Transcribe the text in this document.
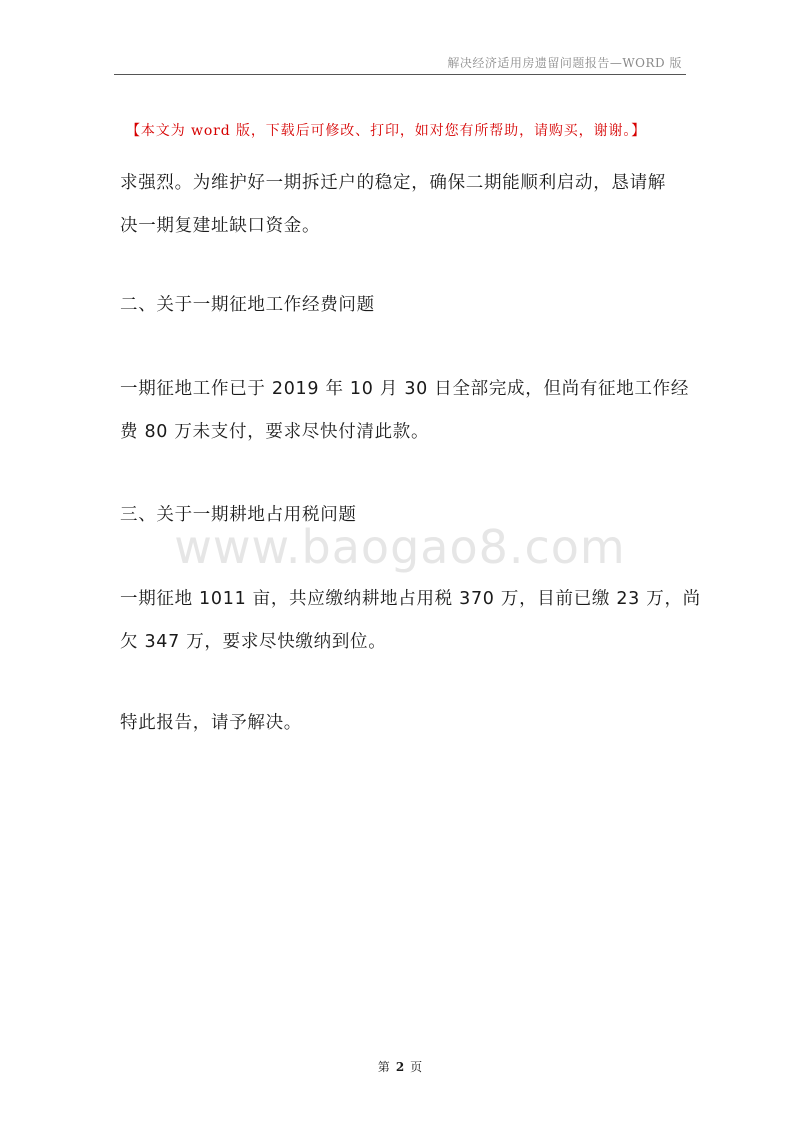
解决经济适用房遗留问题报告—WORD 版
【本文为 word 版，下载后可修改、打印，如对您有所帮助，请购买，谢谢。】
www.baogao8.com
求强烈。为维护好一期拆迁户的稳定，确保二期能顺利启动，恳请解
决一期复建址缺口资金。
二、关于一期征地工作经费问题
一期征地工作已于 2019 年 10 月 30 日全部完成，但尚有征地工作经
费 80 万未支付，要求尽快付清此款。
三、关于一期耕地占用税问题
一期征地 1011 亩，共应缴纳耕地占用税 370 万，目前已缴 23 万，尚
欠 347 万，要求尽快缴纳到位。
特此报告，请予解决。
第 2 页
